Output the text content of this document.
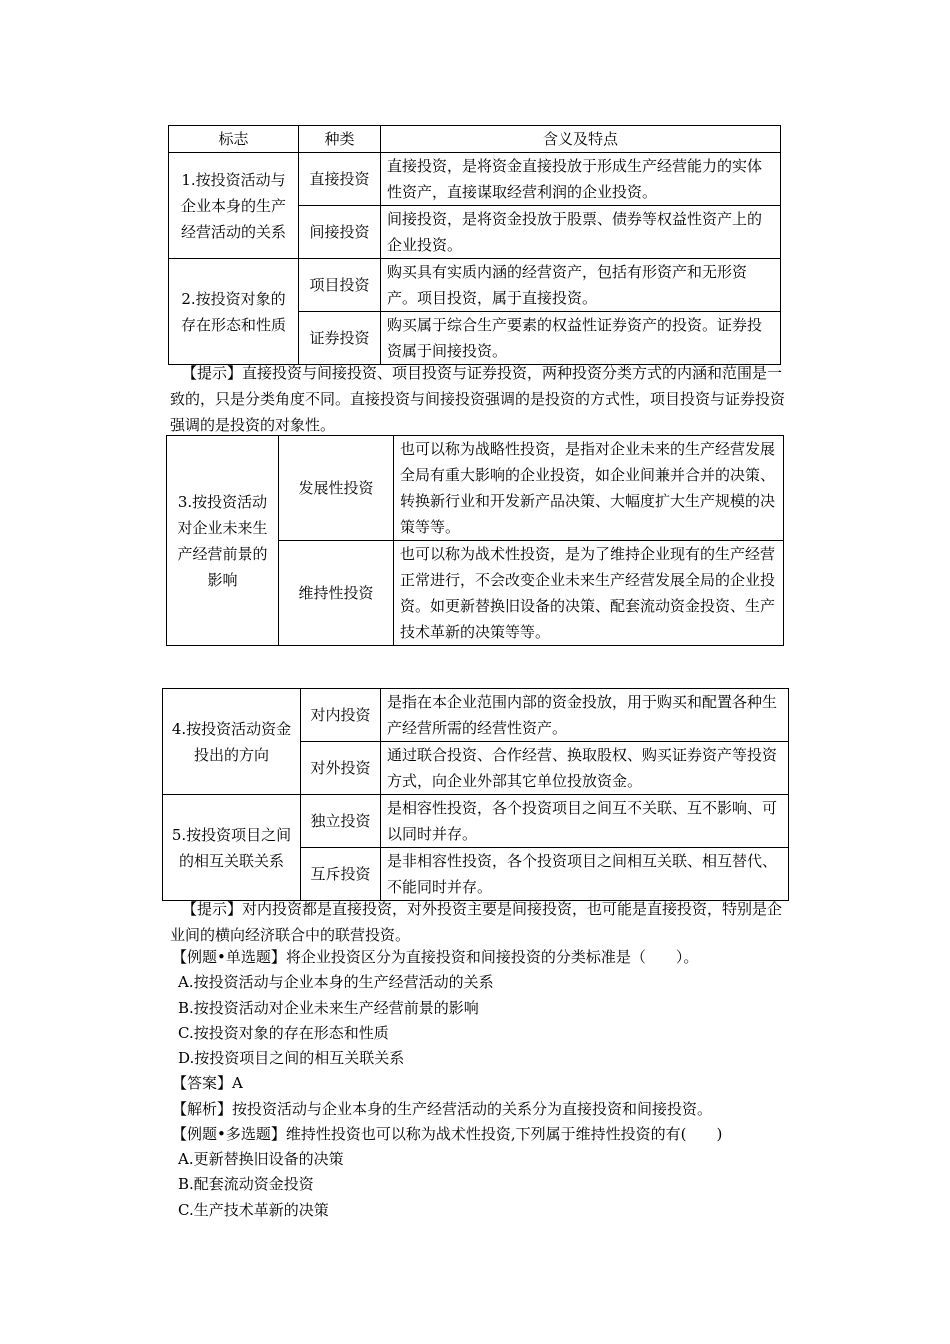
标志	种类	含义及特点
1.按投资活动与企业本身的生产经营活动的关系	直接投资	直接投资，是将资金直接投放于形成生产经营能力的实体性资产，直接谋取经营利润的企业投资。
	间接投资	间接投资，是将资金投放于股票、债券等权益性资产上的企业投资。
2.按投资对象的存在形态和性质	项目投资	购买具有实质内涵的经营资产，包括有形资产和无形资产。项目投资，属于直接投资。
	证券投资	购买属于综合生产要素的权益性证券资产的投资。证券投资属于间接投资。
【提示】直接投资与间接投资、项目投资与证券投资，两种投资分类方式的内涵和范围是一致的，只是分类角度不同。直接投资与间接投资强调的是投资的方式性，项目投资与证券投资强调的是投资的对象性。
3.按投资活动对企业未来生产经营前景的影响	发展性投资	也可以称为战略性投资，是指对企业未来的生产经营发展全局有重大影响的企业投资，如企业间兼并合并的决策、转换新行业和开发新产品决策、大幅度扩大生产规模的决策等等。
	维持性投资	也可以称为战术性投资，是为了维持企业现有的生产经营正常进行，不会改变企业未来生产经营发展全局的企业投资。如更新替换旧设备的决策、配套流动资金投资、生产技术革新的决策等等。
4.按投资活动资金投出的方向	对内投资	是指在本企业范围内部的资金投放，用于购买和配置各种生产经营所需的经营性资产。
	对外投资	通过联合投资、合作经营、换取股权、购买证券资产等投资方式，向企业外部其它单位投放资金。
5.按投资项目之间的相互关联关系	独立投资	是相容性投资，各个投资项目之间互不关联、互不影响、可以同时并存。
	互斥投资	是非相容性投资，各个投资项目之间相互关联、相互替代、不能同时并存。
【提示】对内投资都是直接投资，对外投资主要是间接投资，也可能是直接投资，特别是企业间的横向经济联合中的联营投资。
【例题•单选题】将企业投资区分为直接投资和间接投资的分类标准是（　　）。
A.按投资活动与企业本身的生产经营活动的关系
B.按投资活动对企业未来生产经营前景的影响
C.按投资对象的存在形态和性质
D.按投资项目之间的相互关联关系
【答案】A
【解析】按投资活动与企业本身的生产经营活动的关系分为直接投资和间接投资。
【例题•多选题】维持性投资也可以称为战术性投资,下列属于维持性投资的有(　　)
A.更新替换旧设备的决策
B.配套流动资金投资
C.生产技术革新的决策
